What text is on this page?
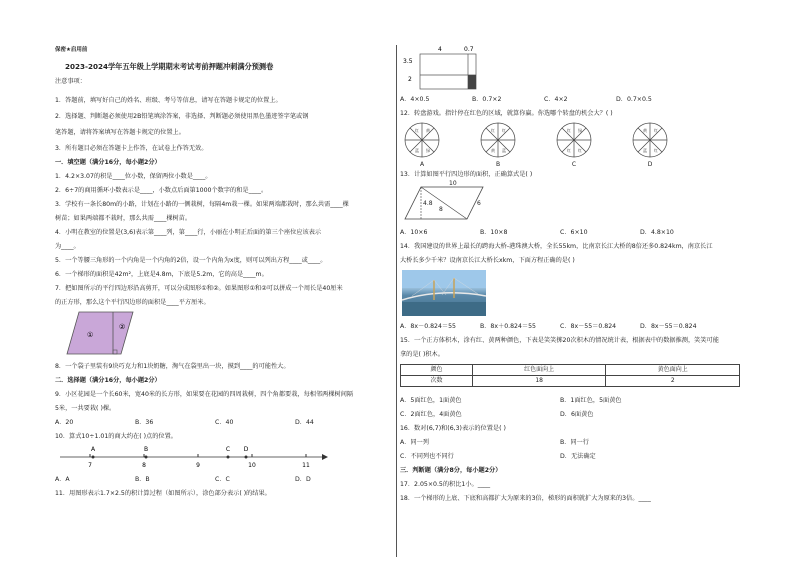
保密★启用前
2023-2024学年五年级上学期期末考试考前押题冲刺满分预测卷
注意事项：
1．答题前，填写好自己的姓名、班级、考号等信息，请写在答题卡规定的位置上。
2．选择题、判断题必须使用2B铅笔填涂答案，非选择、判断题必须使用黑色墨迹签字笔或钢
笔答题，请将答案填写在答题卡规定的位置上。
3．所有题目必须在答题卡上作答，在试卷上作答无效。
一．填空题（满分16分，每小题2分）
1．4.2×3.07的积是____位小数，保留两位小数是____。
2．6÷7的商用循环小数表示是____，小数点后面第1000个数字的和是____。
3．学校有一条长80m的小路，计划在小路的一侧栽树，每隔4m栽一棵。如果两端都栽时，那么共需____棵
树苗；如果两端都不栽时，那么共需____棵树苗。
4．小明在教室的位置是(3,6)表示第____列，第____行，小丽在小明正后面的第三个座位应该表示
为____。
5．一个等腰三角形的一个内角是一个内角的2倍，设一个内角为x度，则可以列出方程____或____。
6．一个梯形的面积是42m²，上底是4.8m，下底是5.2m，它的高是____m。
7．把如图所示的平行四边形沿高剪开，可以分成图形①和②。如果图形①和②可以拼成一个周长是40厘米
的正方形，那么这个平行四边形的面积是____平方厘米。
①
②
8．一个袋子里装有9块巧克力和1块奶糖，淘气在袋里出一块，摸到____的可能性大。
二．选择题（满分16分，每小题2分）
9．小区花园是一个长60米，宽40米的长方形，如果要在花园的四周栽树，四个角都要栽，每相邻两棵树间隔
5米，一共要栽( )棵。
A．20	B．36	C．40	D．44
10．算式10÷1.01的商大约在( )点的位置。
7	8	9	10	11
A	B	C D
A．A	B．B	C．C	D．D
11．用图形表示1.7×2.5的积计算过程（如图所示），涂色部分表示( )的结果。
4	0.7
3.5
2
A．4×0.5	B．0.7×2	C．4×2	D．0.7×0.5
12．转盘游戏。指针停在红色的区域，就算你赢。你选哪个转盘的机会大？( )
A	B	C	D
红 黄
蓝 绿
红 红
黄 蓝
红 绿
红 红
黄 红
蓝 红
13．计算如图平行四边形的面积，正确算式是( )
10
4.8
8
6
A．10×6	B．10×8	C．6×10	D．4.8×10
14．我国建设的世界上最长的跨海大桥-港珠澳大桥，全长55km，比南京长江大桥的8倍还多0.824km，南京长江
大桥长多少千米？设南京长江大桥长xkm，下面方程正确的是( )
A．8x－0.824＝55	B．8x＋0.824＝55	C．8x－55＝0.824	D．8x－55＝0.824
15．一个正方体积木，涂有红、黄两种颜色，下表是笑笑掷20次积木的情况统计表，根据表中的数据推测，笑笑可能
拿的是( )积木。
颜色	红色面向上	黄色面向上
次数	18	2
A．5面红色，1面黄色	B．1面红色，5面黄色
C．2面红色，4面黄色	D．6面黄色
16．数对(6,7)和(6,3)表示的位置是( )
A．同一列	B．同一行
C．不同列也不同行	D．无法确定
三．判断题（满分8分，每小题2分）
17．2.05×0.5的积比1小。____
18．一个梯形的上底、下底和高都扩大为原来的3倍，梯形的面积就扩大为原来的3倍。____
